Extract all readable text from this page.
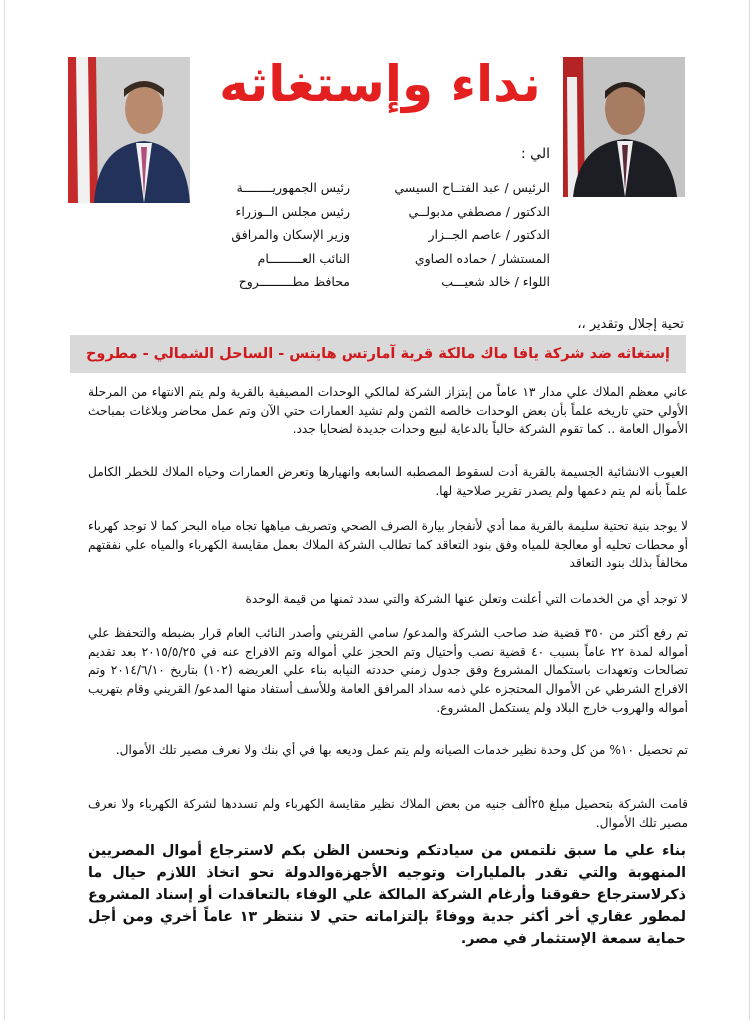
نداء وإستغاثه
الي :
الرئيس / عبد الفتــاح السيسي
رئيس الجمهوريــــــــة
الدكتور / مصطفي مدبولــي
رئيس مجلس الــوزراء
الدكتور / عاصم الجــزار
وزير الإسكان والمرافق
المستشار / حماده الصاوي
النائب العـــــــــام
اللواء / خالد شعيـــب
محافظ مطـــــــــروح
تحية إجلال وتقدير ،،
إستغاثه ضد شركة يافا ماك مالكة قرية آمارتس هايتس - الساحل الشمالي - مطروح
عاني معظم الملاك علي مدار ١٣ عاماً من إبتزاز الشركة لمالكي الوحدات المصيفية بالقرية ولم يتم الانتهاء من المرحلة الأولي حتي تاريخه علماً بأن بعض الوحدات خالصه الثمن ولم تشيد العمارات حتي الآن وتم عمل محاضر وبلاغات بمباحث الأموال العامة .. كما تقوم الشركة حالياً بالدعاية لبيع وحدات جديدة لضحايا جدد.
العيوب الانشائية الجسيمة بالقرية أدت لسقوط المصطبه السابعه وانهيارها وتعرض العمارات وحياه الملاك للخطر الكامل علماً بأنه لم يتم دعمها ولم يصدر تقرير صلاحية لها.
لا يوجد بنية تحتية سليمة بالقرية مما أدي لأنفجار بيارة الصرف الصحي وتصريف مياهها تجاه مياه البحر كما لا توجد كهرباء أو محطات تحليه أو معالجة للمياه وفق بنود التعاقد كما تطالب الشركة الملاك بعمل مقايسة الكهرباء والمياه علي نفقتهم مخالفاً بذلك بنود التعاقد
لا توجد أي من الخدمات التي أعلنت وتعلن عنها الشركة والتي سدد ثمنها من قيمة الوحدة
تم رفع أكثر من ٣٥٠ قضية ضد صاحب الشركة والمدعو/ سامي القريني وأصدر النائب العام قرار بضبطه والتحفظ علي أمواله لمدة ٢٢ عاماً بسبب ٤٠ قضية نصب وأحتيال وتم الحجز علي أمواله وتم الافراج عنه في ٢٠١٥/٥/٢٥ بعد تقديم تصالحات وتعهدات باستكمال المشروع وفق جدول زمني حددته النيابه بناء علي العريضه (١٠٢) بتاريخ ٢٠١٤/٦/١٠ وتم الافراج الشرطي عن الأموال المحتجزه علي ذمه سداد المرافق العامة وللأسف أستفاد منها المدعو/ القريني وقام بتهريب أمواله والهروب خارج البلاد ولم يستكمل المشروع.
تم تحصيل ١٠% من كل وحدة نظير خدمات الصيانه ولم يتم عمل وديعه بها في أي بنك ولا نعرف مصير تلك الأموال.
قامت الشركة بتحصيل مبلغ ٢٥ألف جنيه من بعض الملاك نظير مقايسة الكهرباء ولم تسددها لشركة الكهرباء ولا نعرف مصير تلك الأموال.
بناء علي ما سبق نلتمس من سيادتكم ونحسن الظن بكم لاسترجاع أموال المصريين المنهوبة والتي تقدر بالمليارات وتوجيه الأجهزةوالدولة نحو اتخاذ اللازم حيال ما ذكرلاسترجاع حقوقنا وأرغام الشركة المالكة علي الوفاء بالتعاقدات أو إسناد المشروع لمطور عقاري أخر أكثر جدية ووفاءً بإلتزاماته حتي لا ننتظر ١٣ عاماً أخري ومن أجل حماية سمعة الإستثمار في مصر.
